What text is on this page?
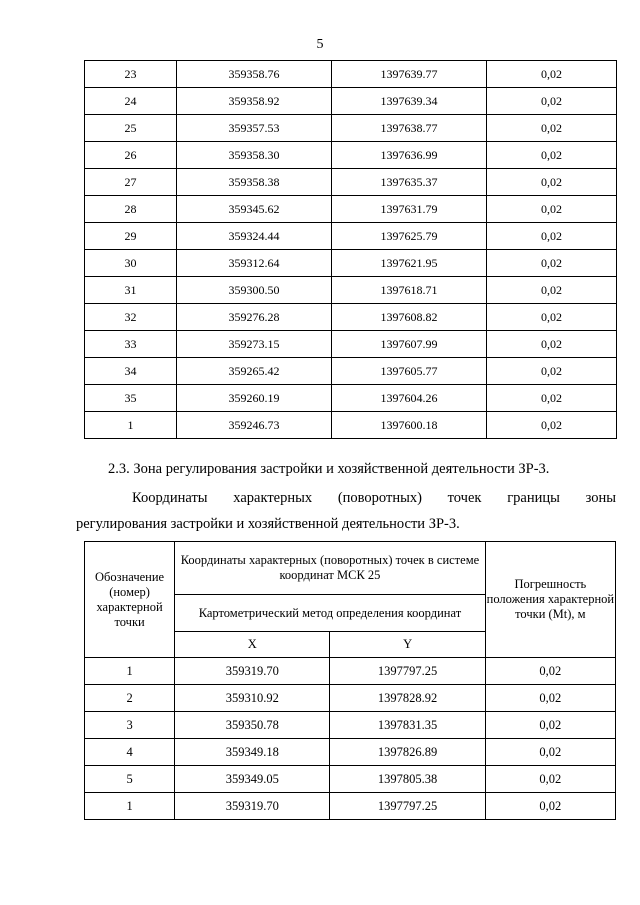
5
23	359358.76	1397639.77	0,02
24	359358.92	1397639.34	0,02
25	359357.53	1397638.77	0,02
26	359358.30	1397636.99	0,02
27	359358.38	1397635.37	0,02
28	359345.62	1397631.79	0,02
29	359324.44	1397625.79	0,02
30	359312.64	1397621.95	0,02
31	359300.50	1397618.71	0,02
32	359276.28	1397608.82	0,02
33	359273.15	1397607.99	0,02
34	359265.42	1397605.77	0,02
35	359260.19	1397604.26	0,02
1	359246.73	1397600.18	0,02
2.3. Зона регулирования застройки и хозяйственной деятельности ЗР-3.
Координаты характерных (поворотных) точек границы зоны
регулирования застройки и хозяйственной деятельности ЗР-3.
Обозначение (номер) характерной точки	Координаты характерных (поворотных) точек в системе координат МСК 25		Погрешность положения характерной точки (Mt), м
	Картометрический метод определения координат		
	X	Y	
1	359319.70	1397797.25	0,02
2	359310.92	1397828.92	0,02
3	359350.78	1397831.35	0,02
4	359349.18	1397826.89	0,02
5	359349.05	1397805.38	0,02
1	359319.70	1397797.25	0,02
